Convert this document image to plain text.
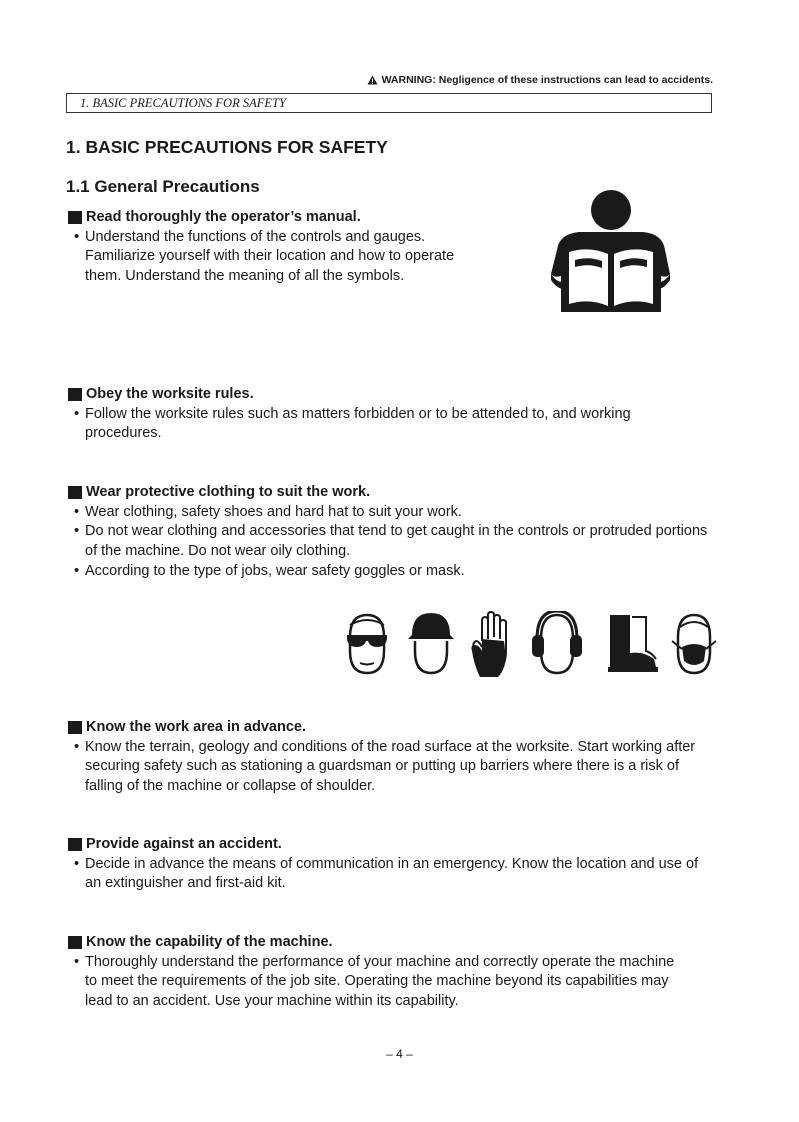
WARNING: Negligence of these instructions can lead to accidents.
1. BASIC PRECAUTIONS FOR SAFETY
1. BASIC PRECAUTIONS FOR SAFETY
1.1 General Precautions
Read thoroughly the operator’s manual.
• Understand the functions of the controls and gauges. Familiarize yourself with their location and how to operate them. Understand the meaning of all the symbols.
Obey the worksite rules.
• Follow the worksite rules such as matters forbidden or to be attended to, and working procedures.
Wear protective clothing to suit the work.
• Wear clothing, safety shoes and hard hat to suit your work.
• Do not wear clothing and accessories that tend to get caught in the controls or protruded portions of the machine. Do not wear oily clothing.
• According to the type of jobs, wear safety goggles or mask.
Know the work area in advance.
• Know the terrain, geology and conditions of the road surface at the worksite. Start working after securing safety such as stationing a guardsman or putting up barriers where there is a risk of falling of the machine or collapse of shoulder.
Provide against an accident.
• Decide in advance the means of communication in an emergency. Know the location and use of an extinguisher and first-aid kit.
Know the capability of the machine.
• Thoroughly understand the performance of your machine and correctly operate the machine to meet the requirements of the job site. Operating the machine beyond its capabilities may lead to an accident. Use your machine within its capability.
– 4 –
